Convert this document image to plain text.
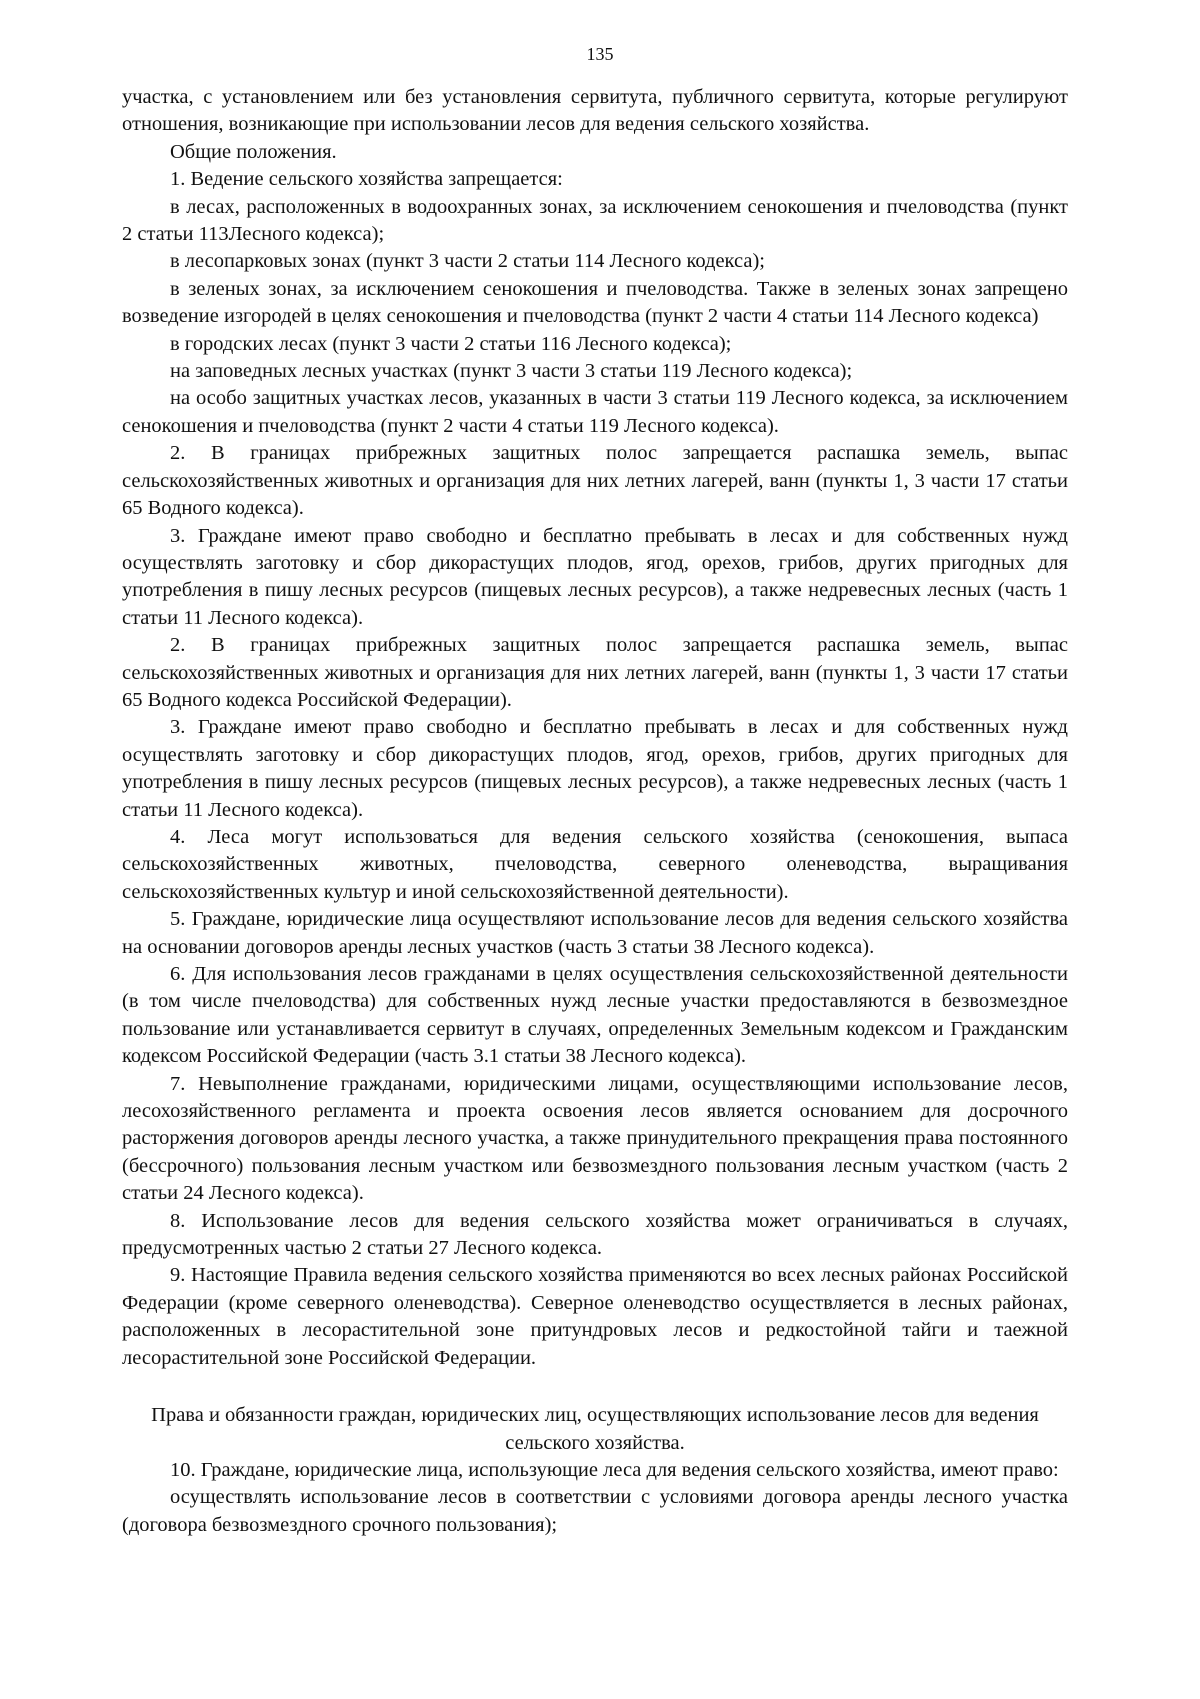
135

участка, с установлением или без установления сервитута, публичного сервитута, которые регулируют отношения, возникающие при использовании лесов для ведения сельского хозяйства.

Общие положения.

1. Ведение сельского хозяйства запрещается:

в лесах, расположенных в водоохранных зонах, за исключением сенокошения и пчеловодства (пункт 2 статьи 113Лесного кодекса);

в лесопарковых зонах (пункт 3 части 2 статьи 114 Лесного кодекса);

в зеленых зонах, за исключением сенокошения и пчеловодства. Также в зеленых зонах запрещено возведение изгородей в целях сенокошения и пчеловодства (пункт 2 части 4 статьи 114 Лесного кодекса)

в городских лесах (пункт 3 части 2 статьи 116 Лесного кодекса);

на заповедных лесных участках (пункт 3 части 3 статьи 119 Лесного кодекса);

на особо защитных участках лесов, указанных в части 3 статьи 119 Лесного кодекса, за исключением сенокошения и пчеловодства (пункт 2 части 4 статьи 119 Лесного кодекса).

2. В границах прибрежных защитных полос запрещается распашка земель, выпас сельскохозяйственных животных и организация для них летних лагерей, ванн (пункты 1, 3 части 17 статьи 65 Водного кодекса).

3. Граждане имеют право свободно и бесплатно пребывать в лесах и для собственных нужд осуществлять заготовку и сбор дикорастущих плодов, ягод, орехов, грибов, других пригодных для употребления в пишу лесных ресурсов (пищевых лесных ресурсов), а также недревесных лесных (часть 1 статьи 11 Лесного кодекса).

2. В границах прибрежных защитных полос запрещается распашка земель, выпас сельскохозяйственных животных и организация для них летних лагерей, ванн (пункты 1, 3 части 17 статьи 65 Водного кодекса Российской Федерации).

3. Граждане имеют право свободно и бесплатно пребывать в лесах и для собственных нужд осуществлять заготовку и сбор дикорастущих плодов, ягод, орехов, грибов, других пригодных для употребления в пишу лесных ресурсов (пищевых лесных ресурсов), а также недревесных лесных (часть 1 статьи 11 Лесного кодекса).

4. Леса могут использоваться для ведения сельского хозяйства (сенокошения, выпаса сельскохозяйственных животных, пчеловодства, северного оленеводства, выращивания сельскохозяйственных культур и иной сельскохозяйственной деятельности).

5. Граждане, юридические лица осуществляют использование лесов для ведения сельского хозяйства на основании договоров аренды лесных участков (часть 3 статьи 38 Лесного кодекса).

6. Для использования лесов гражданами в целях осуществления сельскохозяйственной деятельности (в том числе пчеловодства) для собственных нужд лесные участки предоставляются в безвозмездное пользование или устанавливается сервитут в случаях, определенных Земельным кодексом и Гражданским кодексом Российской Федерации (часть 3.1 статьи 38 Лесного кодекса).

7. Невыполнение гражданами, юридическими лицами, осуществляющими использование лесов, лесохозяйственного регламента и проекта освоения лесов является основанием для досрочного расторжения договоров аренды лесного участка, а также принудительного прекращения права постоянного (бессрочного) пользования лесным участком или безвозмездного пользования лесным участком (часть 2 статьи 24 Лесного кодекса).

8. Использование лесов для ведения сельского хозяйства может ограничиваться в случаях, предусмотренных частью 2 статьи 27 Лесного кодекса.

9. Настоящие Правила ведения сельского хозяйства применяются во всех лесных районах Российской Федерации (кроме северного оленеводства). Северное оленеводство осуществляется в лесных районах, расположенных в лесорастительной зоне притундровых лесов и редкостойной тайги и таежной лесорастительной зоне Российской Федерации.

Права и обязанности граждан, юридических лиц, осуществляющих использование лесов для ведения сельского хозяйства.

10. Граждане, юридические лица, использующие леса для ведения сельского хозяйства, имеют право:

осуществлять использование лесов в соответствии с условиями договора аренды лесного участка (договора безвозмездного срочного пользования);
